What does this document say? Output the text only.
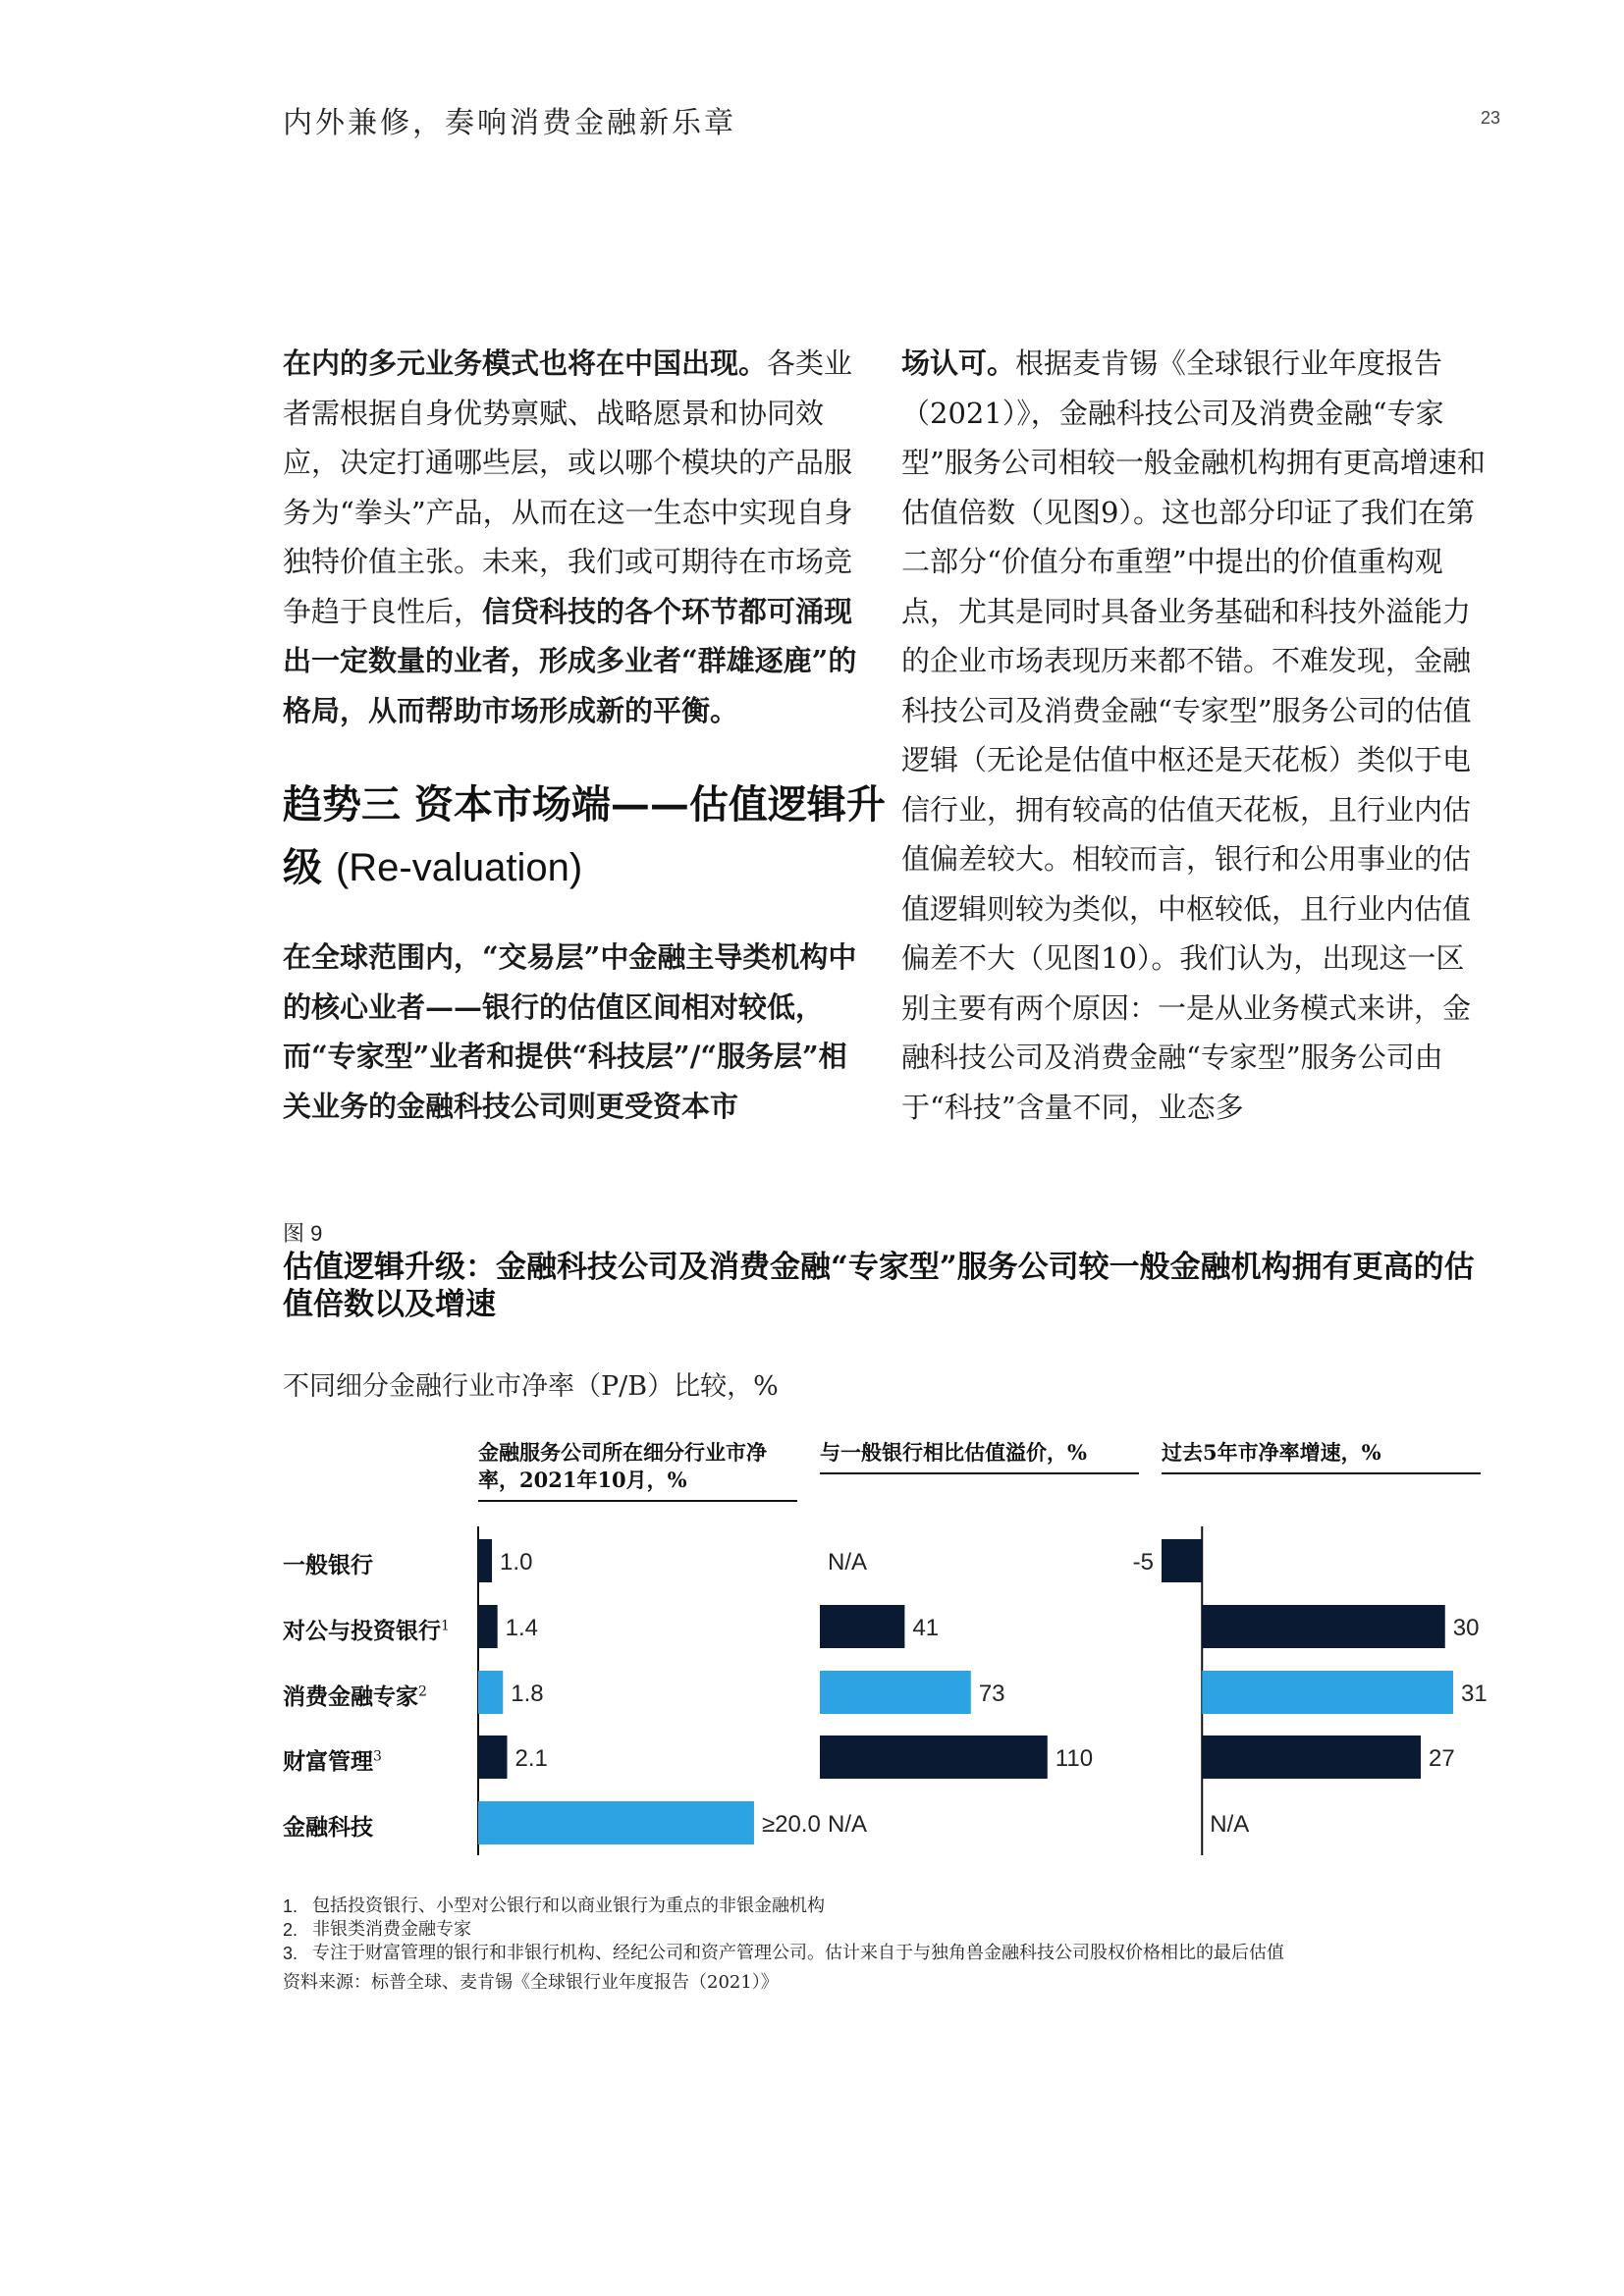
内外兼修，奏响消费金融新乐章	23
在内的多元业务模式也将在中国出现。各类业者需根据自身优势禀赋、战略愿景和协同效应，决定打通哪些层，或以哪个模块的产品服务为“拳头”产品，从而在这一生态中实现自身独特价值主张。未来，我们或可期待在市场竞争趋于良性后，信贷科技的各个环节都可涌现出一定数量的业者，形成多业者“群雄逐鹿”的格局，从而帮助市场形成新的平衡。
趋势三 资本市场端——估值逻辑升级 (Re-valuation)
在全球范围内，“交易层”中金融主导类机构中的核心业者——银行的估值区间相对较低，而“专家型”业者和提供“科技层”/“服务层”相关业务的金融科技公司则更受资本市
场认可。根据麦肯锡《全球银行业年度报告（2021）》，金融科技公司及消费金融“专家型”服务公司相较一般金融机构拥有更高增速和估值倍数（见图9）。这也部分印证了我们在第二部分“价值分布重塑”中提出的价值重构观点，尤其是同时具备业务基础和科技外溢能力的企业市场表现历来都不错。不难发现，金融科技公司及消费金融“专家型”服务公司的估值逻辑（无论是估值中枢还是天花板）类似于电信行业，拥有较高的估值天花板，且行业内估值偏差较大。相较而言，银行和公用事业的估值逻辑则较为类似，中枢较低，且行业内估值偏差不大（见图10）。我们认为，出现这一区别主要有两个原因：一是从业务模式来讲，金融科技公司及消费金融“专家型”服务公司由于“科技”含量不同，业态多
图 9
估值逻辑升级：金融科技公司及消费金融“专家型”服务公司较一般金融机构拥有更高的估值倍数以及增速
不同细分金融行业市净率（P/B）比较，%
金融服务公司所在细分行业市净率，2021年10月，%
与一般银行相比估值溢价，%	过去5年市净率增速，%
一般银行
对公与投资银行$^1$
消费金融专家$^2$
财富管理$^3$
金融科技
1.0
1.4
1.8
2.1
≥20.0
N/A
41
73
110
N/A
-5
30
31
27
N/A
1. 包括投资银行、小型对公银行和以商业银行为重点的非银金融机构
2. 非银类消费金融专家
3. 专注于财富管理的银行和非银行机构、经纪公司和资产管理公司。估计来自于与独角兽金融科技公司股权价格相比的最后估值
资料来源：标普全球、麦肯锡《全球银行业年度报告（2021）》
